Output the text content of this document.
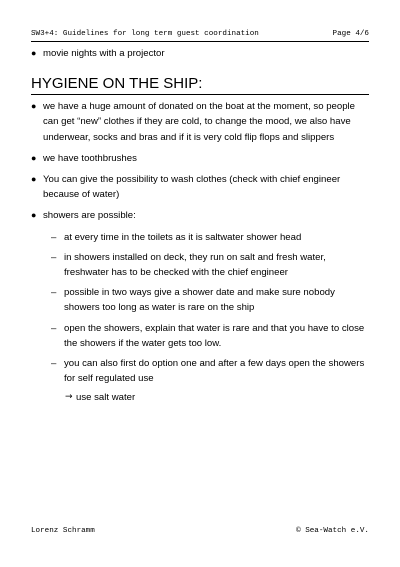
SW3+4: Guidelines for long term guest coordination	Page 4/6
● movie nights with a projector
HYGIENE ON THE SHIP:
● we have a huge amount of donated on the boat at the moment, so people can get “new” clothes if they are cold, to change the mood, we also have underwear, socks and bras and if it is very cold flip flops and slippers
● we have toothbrushes
● You can give the possibility to wash clothes (check with chief engineer because of water)
● showers are possible:
– at every time in the toilets as it is saltwater shower head
– in showers installed on deck, they run on salt and fresh water, freshwater has to be checked with the chief engineer
– possible in two ways give a shower date and make sure nobody showers too long as water is rare on the ship
– open the showers, explain that water is rare and that you have to close the showers if the water gets too low.
– you can also first do option one and after a few days open the showers for self regulated use
→ use salt water
Lorenz Schramm	© Sea-Watch e.V.
